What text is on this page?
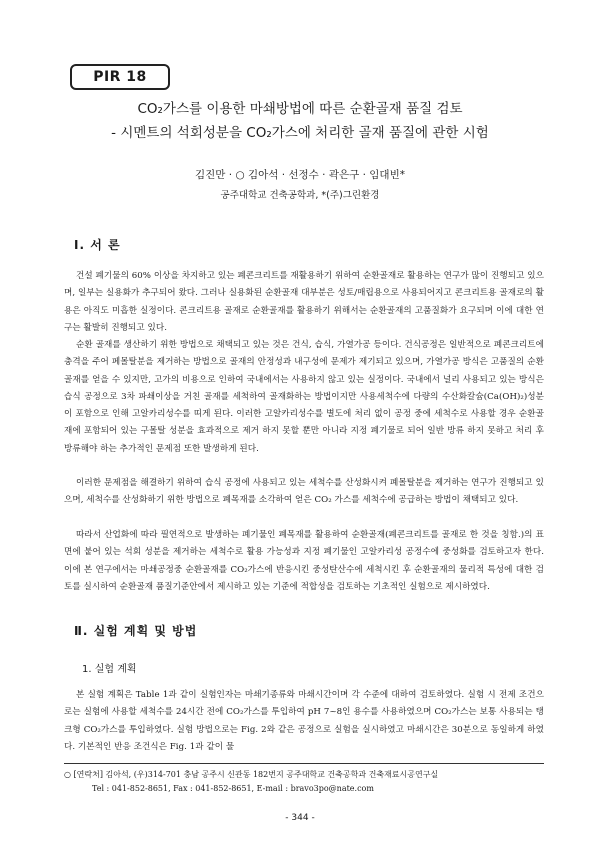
PIR 18
CO₂가스를 이용한 마쇄방법에 따른 순환골재 품질 검토
- 시멘트의 석회성분을 CO₂가스에 처리한 골재 품질에 관한 시험
김진만 · ○ 김아석 · 선정수 · 곽은구 · 임대빈*
공주대학교 건축공학과, *(주)그린환경
Ⅰ. 서 론

건설 폐기물의 60% 이상을 차지하고 있는 폐콘크리트를 재활용하기 위하여 순환골재로 활용하는 연구가 많이 진행되고 있으며, 일부는 실용화가 추구되어 왔다. 그러나 실용화된 순환골재 대부분은 성토/매립용으로 사용되어지고 콘크리트용 골재로의 활용은 아직도 미흡한 실정이다. 콘크리트용 골재로 순환골재를 활용하기 위해서는 순환골재의 고품질화가 요구되며 이에 대한 연구는 활발히 진행되고 있다.

순환 골재를 생산하기 위한 방법으로 채택되고 있는 것은 건식, 습식, 가열가공 등이다. 건식공정은 일반적으로 폐콘크리트에 충격을 주어 페몰탈분을 제거하는 방법으로 골재의 안정성과 내구성에 문제가 제기되고 있으며, 가열가공 방식은 고품질의 순환골재를 얻을 수 있지만, 고가의 비용으로 인하여 국내에서는 사용하지 않고 있는 실정이다. 국내에서 널리 사용되고 있는 방식은 습식 공정으로 3차 파쇄이상을 거친 골재를 세척하여 골재화하는 방법이지만 사용세척수에 다량의 수산화칼슘(Ca(OH)₂)성분이 포함으로 인해 고알카리성수를 띠게 된다. 이러한 고알카리성수를 별도에 처리 없이 공정 중에 세척수로 사용할 경우 순환골재에 포함되어 있는 구몰탈 성분을 효과적으로 제거 하지 못할 뿐만 아니라 지정 폐기물로 되어 일반 방류 하지 못하고 처리 후 방류해야 하는 추가적인 문제점 또한 발생하게 된다.

이러한 문제점을 해결하기 위하여 습식 공정에 사용되고 있는 세척수를 산성화시켜 폐몰탈분을 제거하는 연구가 진행되고 있으며, 세척수를 산성화하기 위한 방법으로 폐목재를 소각하여 얻은 CO₂ 가스를 세척수에 공급하는 방법이 채택되고 있다.

따라서 산업화에 따라 필연적으로 발생하는 폐기물인 폐목재를 활용하여 순환골재(폐콘크리트를 골재로 한 것을 칭함.)의 표면에 붙어 있는 석회 성분을 제거하는 세척수로 활용 가능성과 지정 폐기물인 고알카리성 공정수에 중성화를 검토하고자 한다. 이에 본 연구에서는 마쇄공정중 순환골재를 CO₂가스에 반응시킨 중성탄산수에 세척시킨 후 순환골재의 물리적 특성에 대한 검토를 실시하여 순환골재 품질기준안에서 제시하고 있는 기준에 적합성을 검토하는 기초적인 실험으로 제시하였다.

Ⅱ. 실험 계획 및 방법
1. 실험 계획

본 실험 계획은 Table 1과 같이 실험인자는 마쇄기종류와 마쇄시간이며 각 수준에 대하여 검토하였다. 실험 시 전제 조건으로는 실험에 사용할 세척수를 24시간 전에 CO₂가스를 투입하여 pH 7~8인 용수를 사용하였으며 CO₂가스는 보통 사용되는 탱크형 CO₂가스를 투입하였다. 실험 방법으로는 Fig. 2와 같은 공정으로 실험을 실시하였고 마쇄시간은 30분으로 동일하게 하였다. 기본적인 반응 조건식은 Fig. 1과 같이 물

○ [연락처] 김아석, (우)314-701 충남 공주시 신관동 182번지 공주대학교 건축공학과 건축재료시공연구실
Tel : 041-852-8651, Fax : 041-852-8651, E-mail : bravo3po@nate.com
- 344 -
